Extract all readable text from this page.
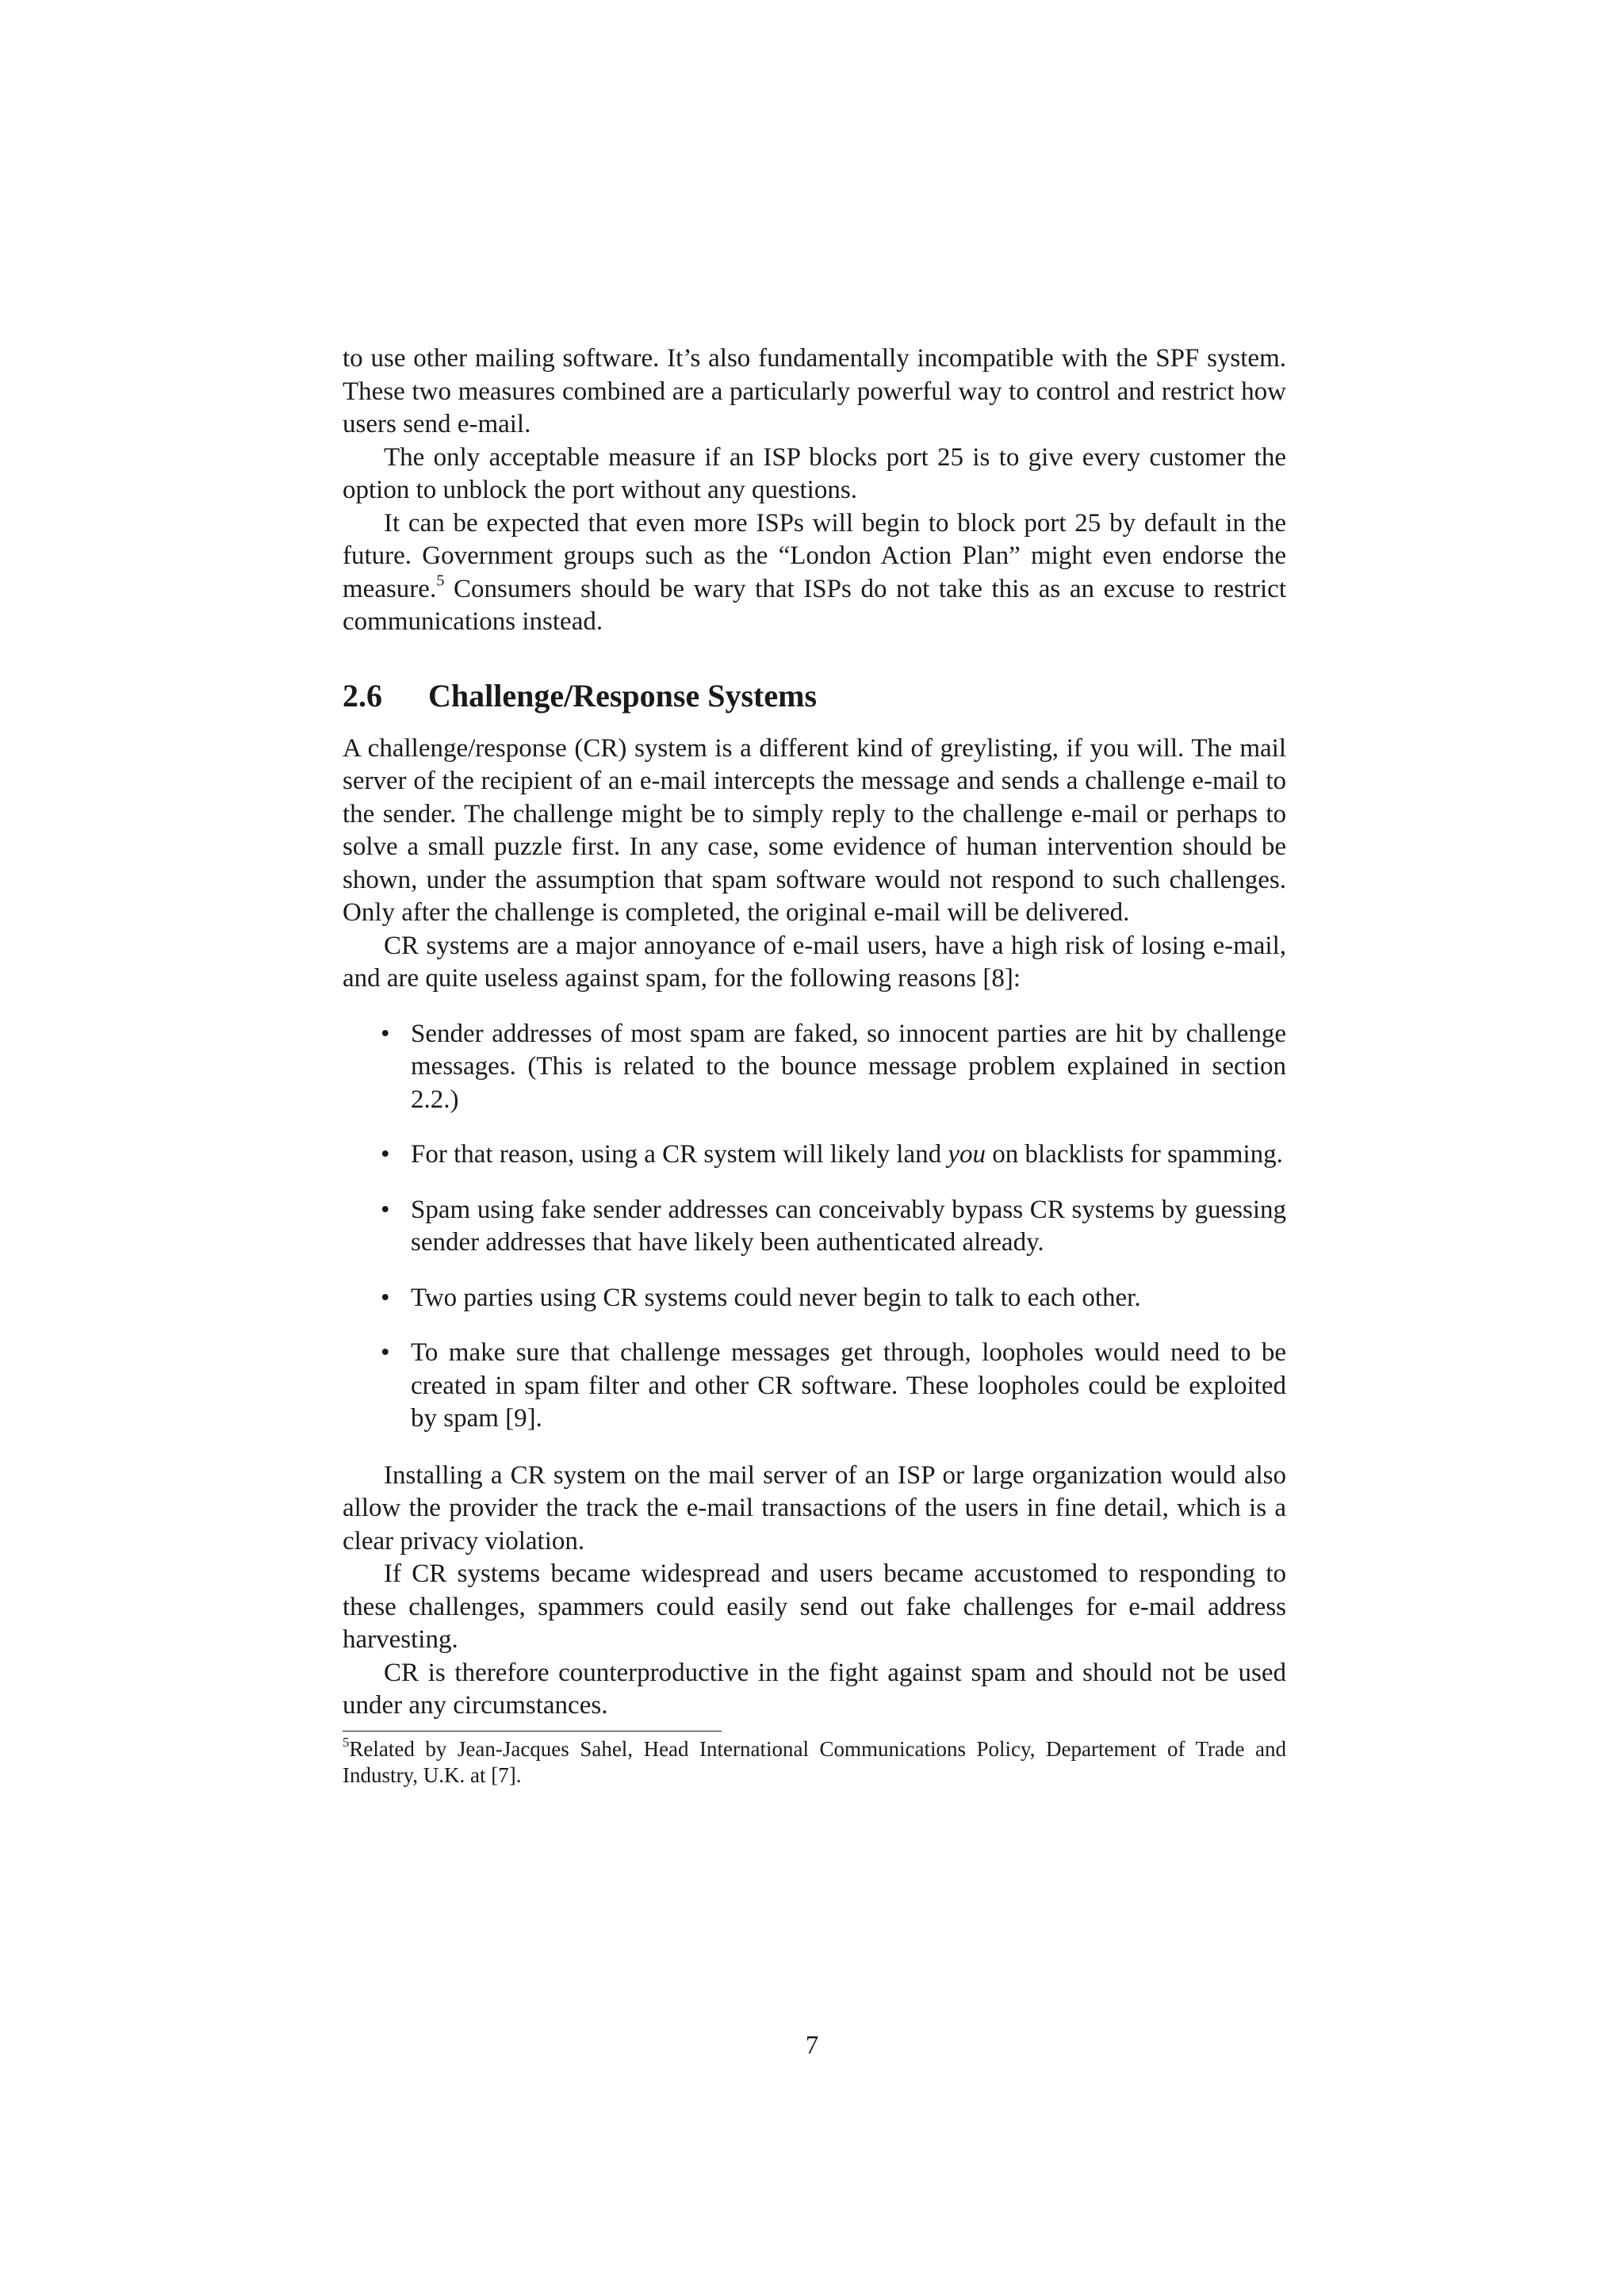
to use other mailing software. It’s also fundamentally incompatible with the SPF system. These two measures combined are a particularly powerful way to control and restrict how users send e-mail.

The only acceptable measure if an ISP blocks port 25 is to give every customer the option to unblock the port without any questions.

It can be expected that even more ISPs will begin to block port 25 by default in the future. Government groups such as the “London Action Plan” might even endorse the measure.$^5$ Consumers should be wary that ISPs do not take this as an excuse to restrict communications instead.

2.6 Challenge/Response Systems

A challenge/response (CR) system is a different kind of greylisting, if you will. The mail server of the recipient of an e-mail intercepts the message and sends a challenge e-mail to the sender. The challenge might be to simply reply to the challenge e-mail or perhaps to solve a small puzzle first. In any case, some evidence of human intervention should be shown, under the assumption that spam software would not respond to such challenges. Only after the challenge is completed, the original e-mail will be delivered.

CR systems are a major annoyance of e-mail users, have a high risk of losing e-mail, and are quite useless against spam, for the following reasons [8]:

• Sender addresses of most spam are faked, so innocent parties are hit by challenge messages. (This is related to the bounce message problem explained in section 2.2.)
• For that reason, using a CR system will likely land you on blacklists for spamming.
• Spam using fake sender addresses can conceivably bypass CR systems by guessing sender addresses that have likely been authenticated already.
• Two parties using CR systems could never begin to talk to each other.
• To make sure that challenge messages get through, loopholes would need to be created in spam filter and other CR software. These loopholes could be exploited by spam [9].

Installing a CR system on the mail server of an ISP or large organization would also allow the provider the track the e-mail transactions of the users in fine detail, which is a clear privacy violation.

If CR systems became widespread and users became accustomed to responding to these challenges, spammers could easily send out fake challenges for e-mail address harvesting.

CR is therefore counterproductive in the fight against spam and should not be used under any circumstances.

$^5$Related by Jean-Jacques Sahel, Head International Communications Policy, Departement of Trade and Industry, U.K. at [7].

7
